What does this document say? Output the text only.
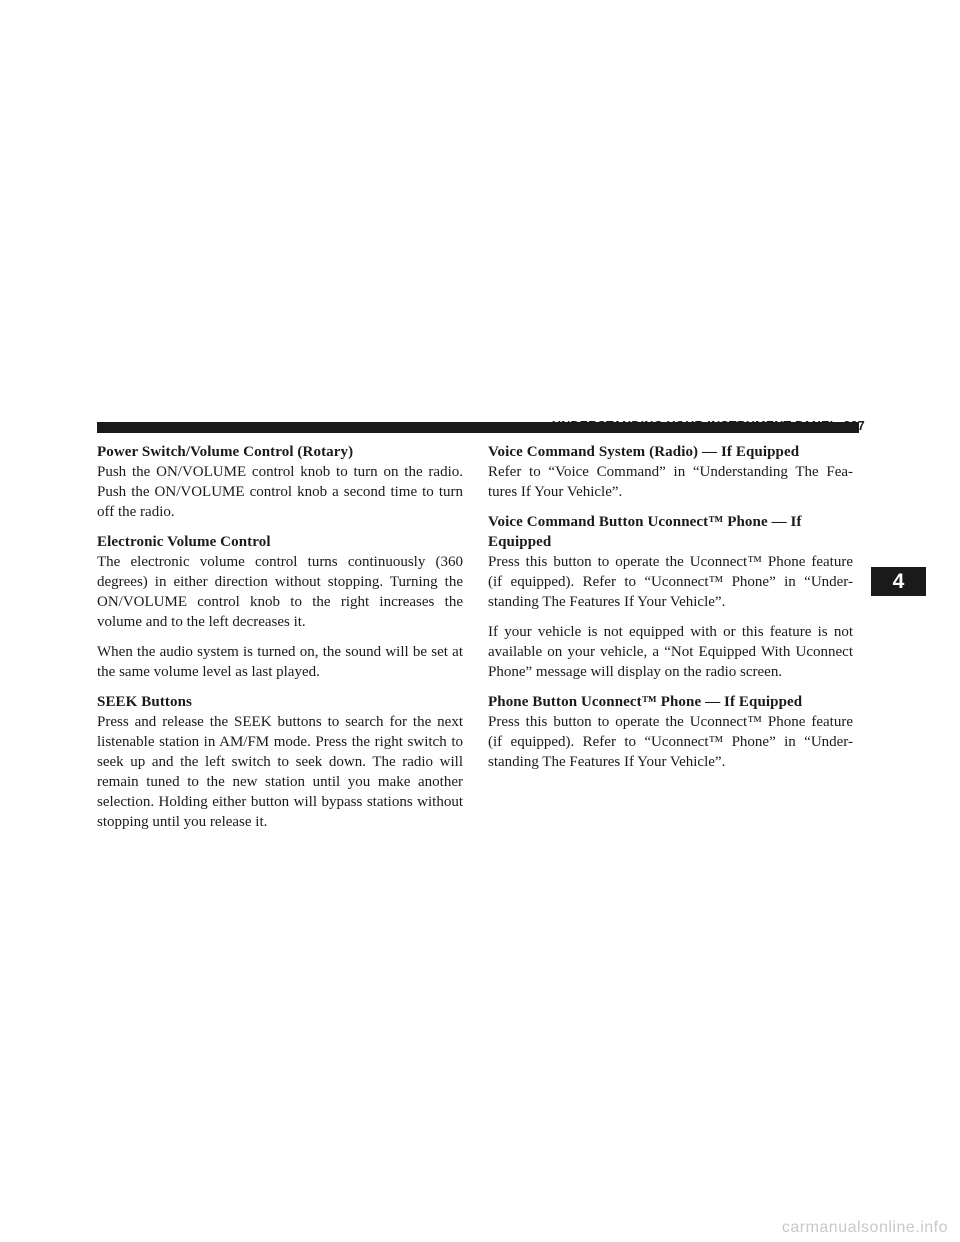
UNDERSTANDING YOUR INSTRUMENT PANEL 327
Power Switch/Volume Control (Rotary)

Push the ON/VOLUME control knob to turn on the radio. Push the ON/VOLUME control knob a second time to turn off the radio.

Electronic Volume Control

The electronic volume control turns continuously (360 degrees) in either direction without stopping. Turning the ON/VOLUME control knob to the right increases the volume and to the left decreases it.

When the audio system is turned on, the sound will be set at the same volume level as last played.

SEEK Buttons

Press and release the SEEK buttons to search for the next listenable station in AM/FM mode. Press the right switch to seek up and the left switch to seek down. The radio will remain tuned to the new station until you make another selection. Holding either button will bypass stations without stopping until you release it.

Voice Command System (Radio) — If Equipped

Refer to “Voice Command” in “Understanding The Fea- tures If Your Vehicle”.

Voice Command Button Uconnect™ Phone — If Equipped

Press this button to operate the Uconnect™ Phone feature (if equipped). Refer to “Uconnect™ Phone” in “Under- standing The Features If Your Vehicle”.

If your vehicle is not equipped with or this feature is not available on your vehicle, a “Not Equipped With Uconnect Phone” message will display on the radio screen.

Phone Button Uconnect™ Phone — If Equipped

Press this button to operate the Uconnect™ Phone feature (if equipped). Refer to “Uconnect™ Phone” in “Under- standing The Features If Your Vehicle”.

4
carmanualsonline.info
